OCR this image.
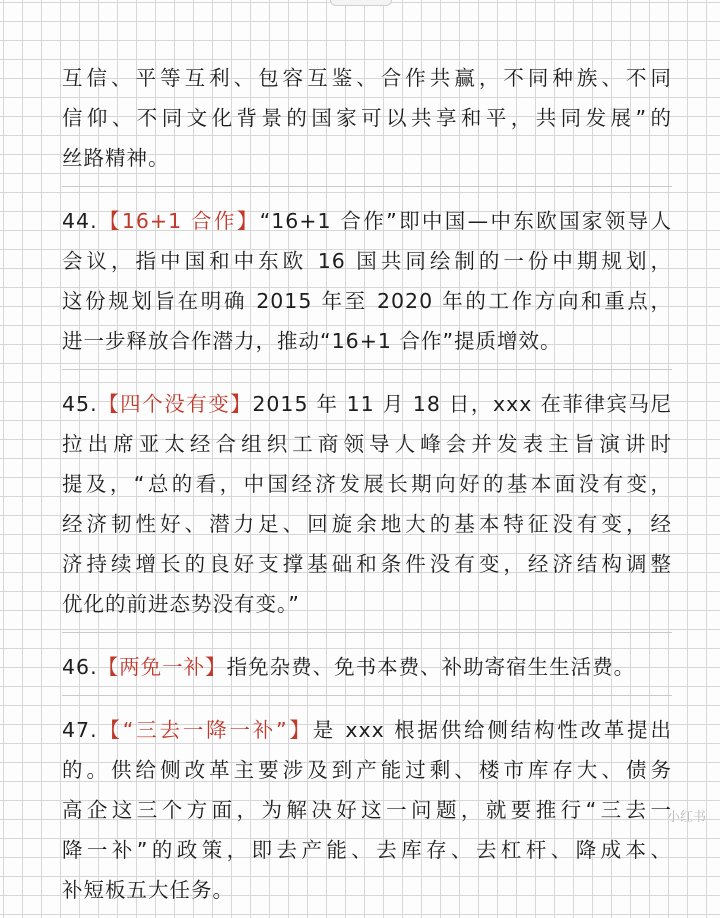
互信、平等互利、包容互鉴、合作共赢，不同种族、不同
信仰、不同文化背景的国家可以共享和平，共同发展”的
丝路精神。
44.【16+1 合作】“16+1 合作”即中国—中东欧国家领导人
会议，指中国和中东欧 16 国共同绘制的一份中期规划，
这份规划旨在明确 2015 年至 2020 年的工作方向和重点，
进一步释放合作潜力，推动“16+1 合作”提质增效。
45.【四个没有变】2015 年 11 月 18 日，xxx 在菲律宾马尼
拉出席亚太经合组织工商领导人峰会并发表主旨演讲时
提及，“总的看，中国经济发展长期向好的基本面没有变，
经济韧性好、潜力足、回旋余地大的基本特征没有变，经
济持续增长的良好支撑基础和条件没有变，经济结构调整
优化的前进态势没有变。”
46.【两免一补】指免杂费、免书本费、补助寄宿生生活费。
47.【“三去一降一补”】是 xxx 根据供给侧结构性改革提出
的。供给侧改革主要涉及到产能过剩、楼市库存大、债务
高企这三个方面，为解决好这一问题，就要推行“三去一
降一补”的政策，即去产能、去库存、去杠杆、降成本、
补短板五大任务。
小红书
